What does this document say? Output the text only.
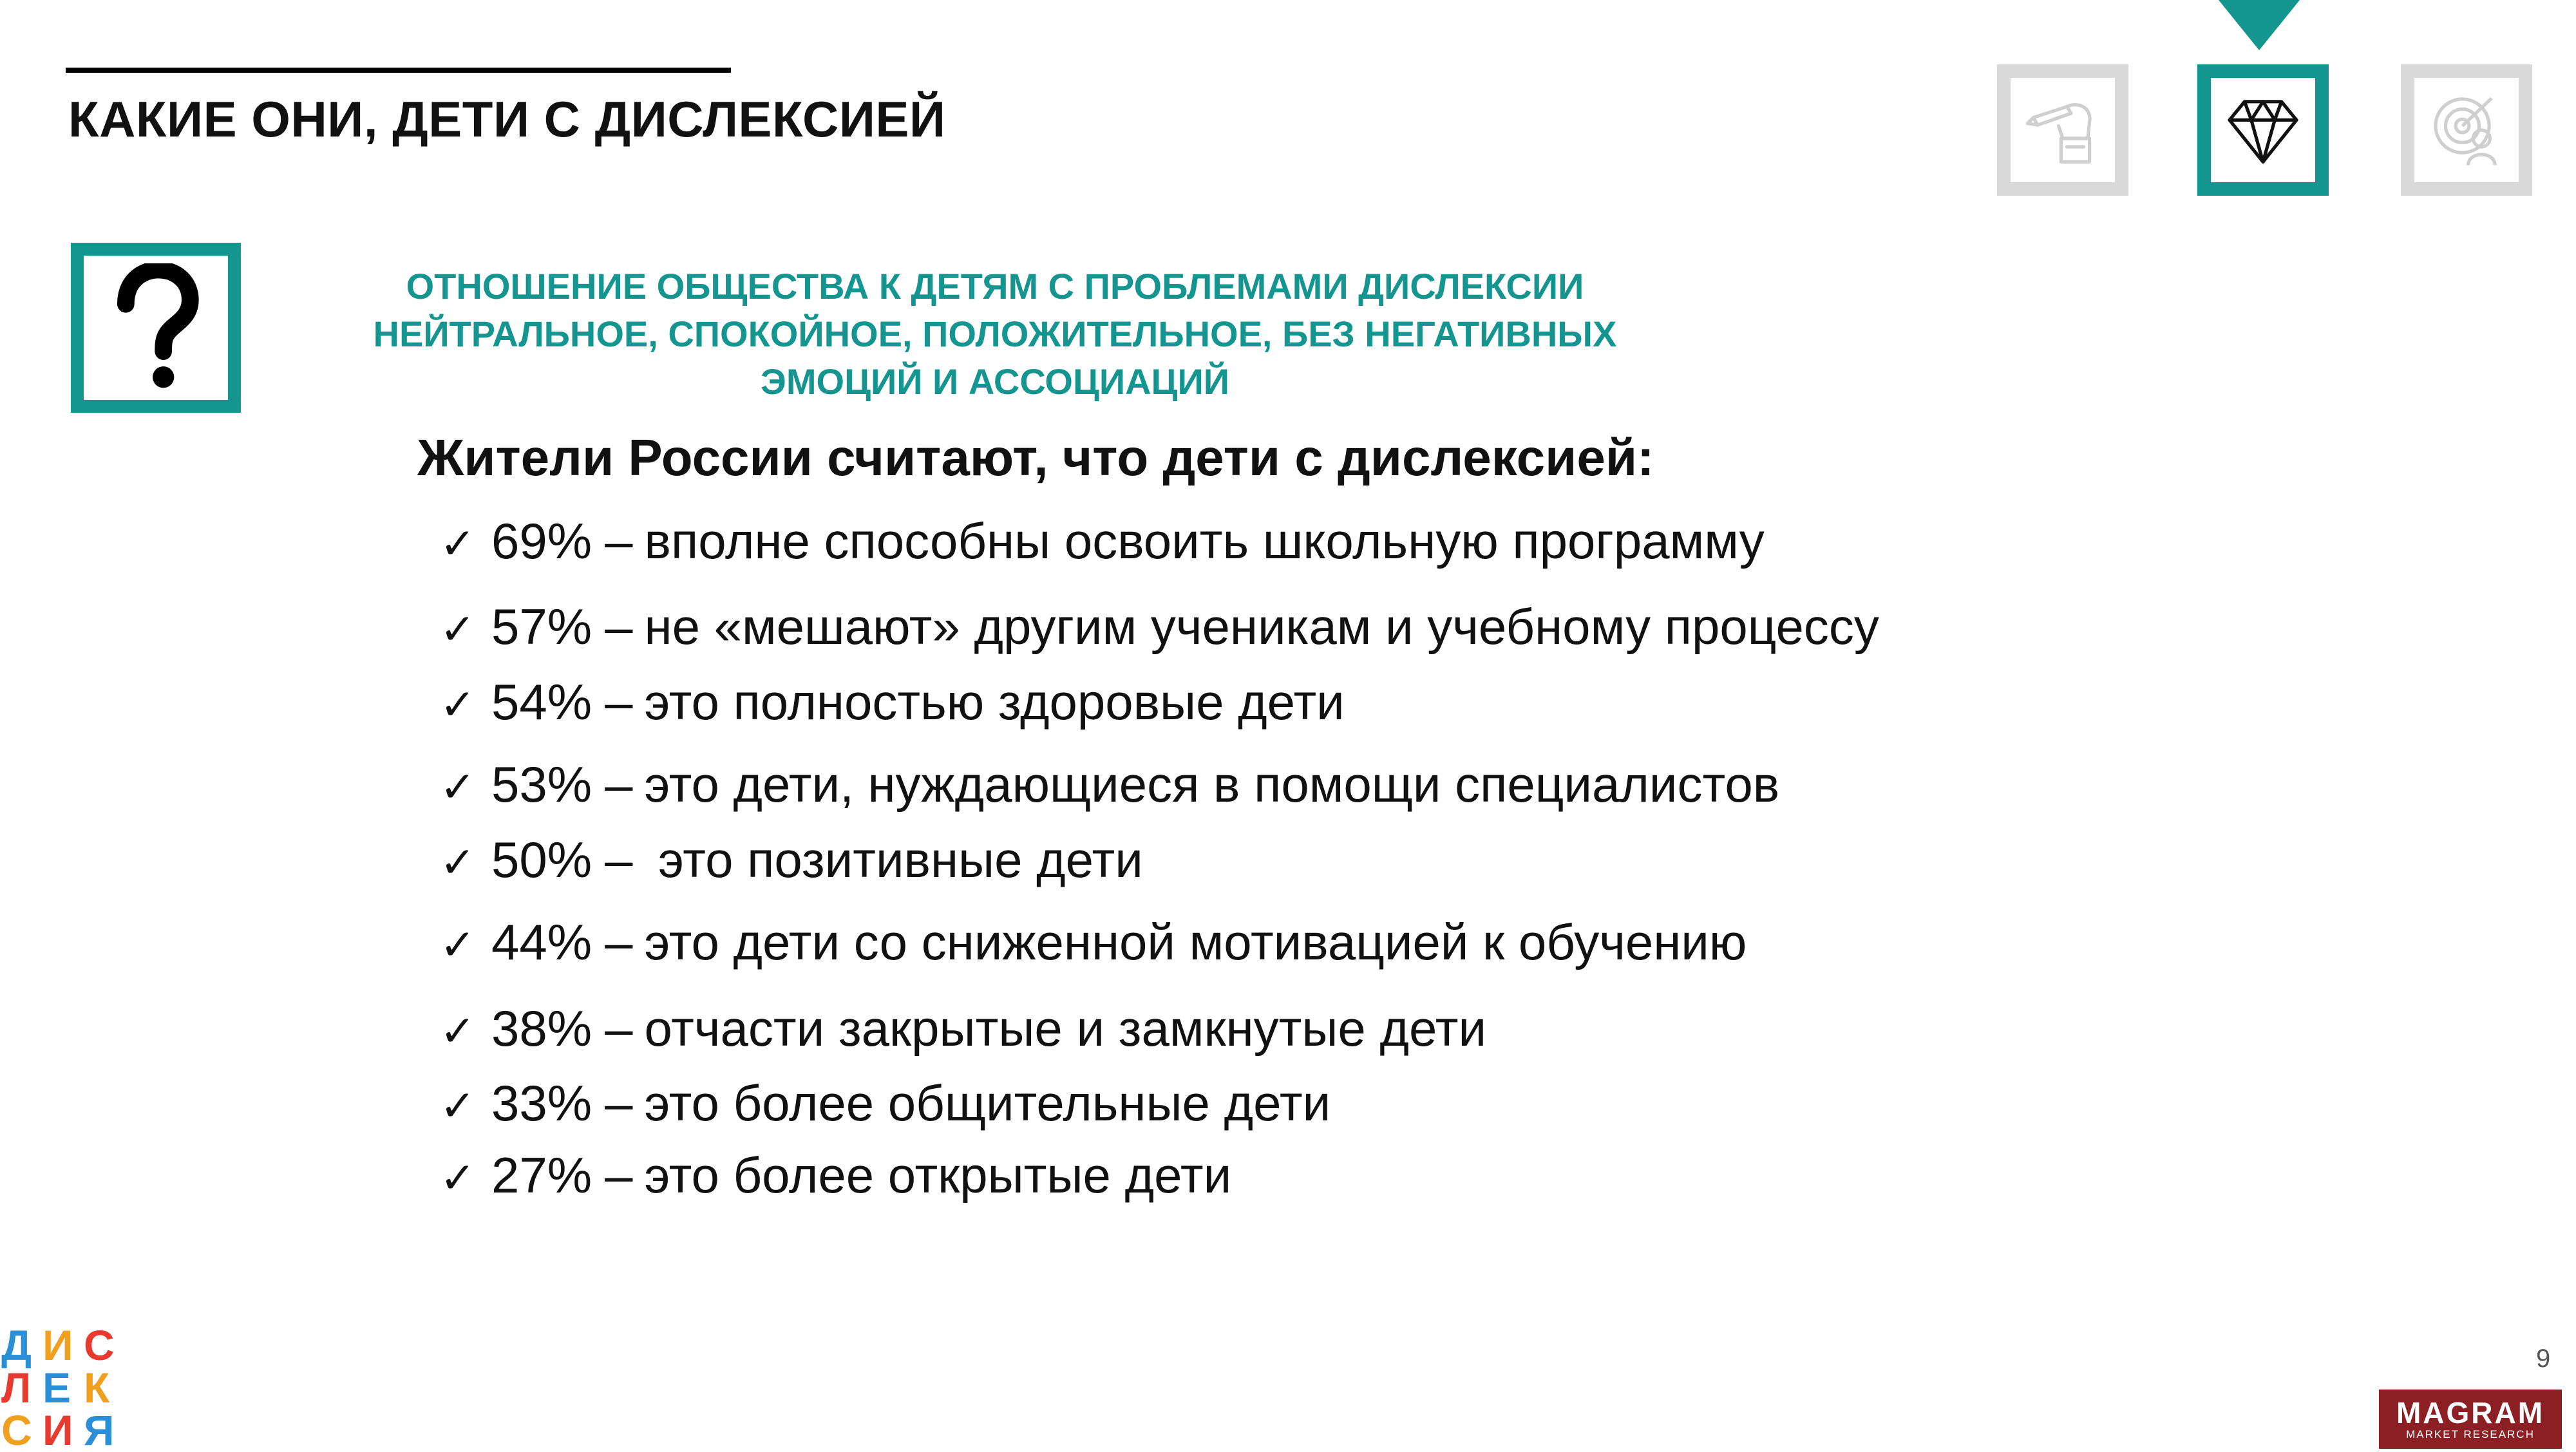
КАКИЕ ОНИ, ДЕТИ С ДИСЛЕКСИЕЙ
ОТНОШЕНИЕ ОБЩЕСТВА К ДЕТЯМ С ПРОБЛЕМАМИ ДИСЛЕКСИИ
НЕЙТРАЛЬНОЕ, СПОКОЙНОЕ, ПОЛОЖИТЕЛЬНОЕ, БЕЗ НЕГАТИВНЫХ ЭМОЦИЙ И АССОЦИАЦИЙ
Жители России считают, что дети с дислексией:
✓ 69% – вполне способны освоить школьную программу
✓ 57% – не «мешают» другим ученикам и учебному процессу
✓ 54% – это полностью здоровые дети
✓ 53% – это дети, нуждающиеся в помощи специалистов
✓ 50% – это позитивные дети
✓ 44% – это дети со сниженной мотивацией к обучению
✓ 38% – отчасти закрытые и замкнутые дети
✓ 33% – это более общительные дети
✓ 27% – это более открытые дети
Д И С
Л Е К
С И Я
9
MAGRAM
MARKET RESEARCH
